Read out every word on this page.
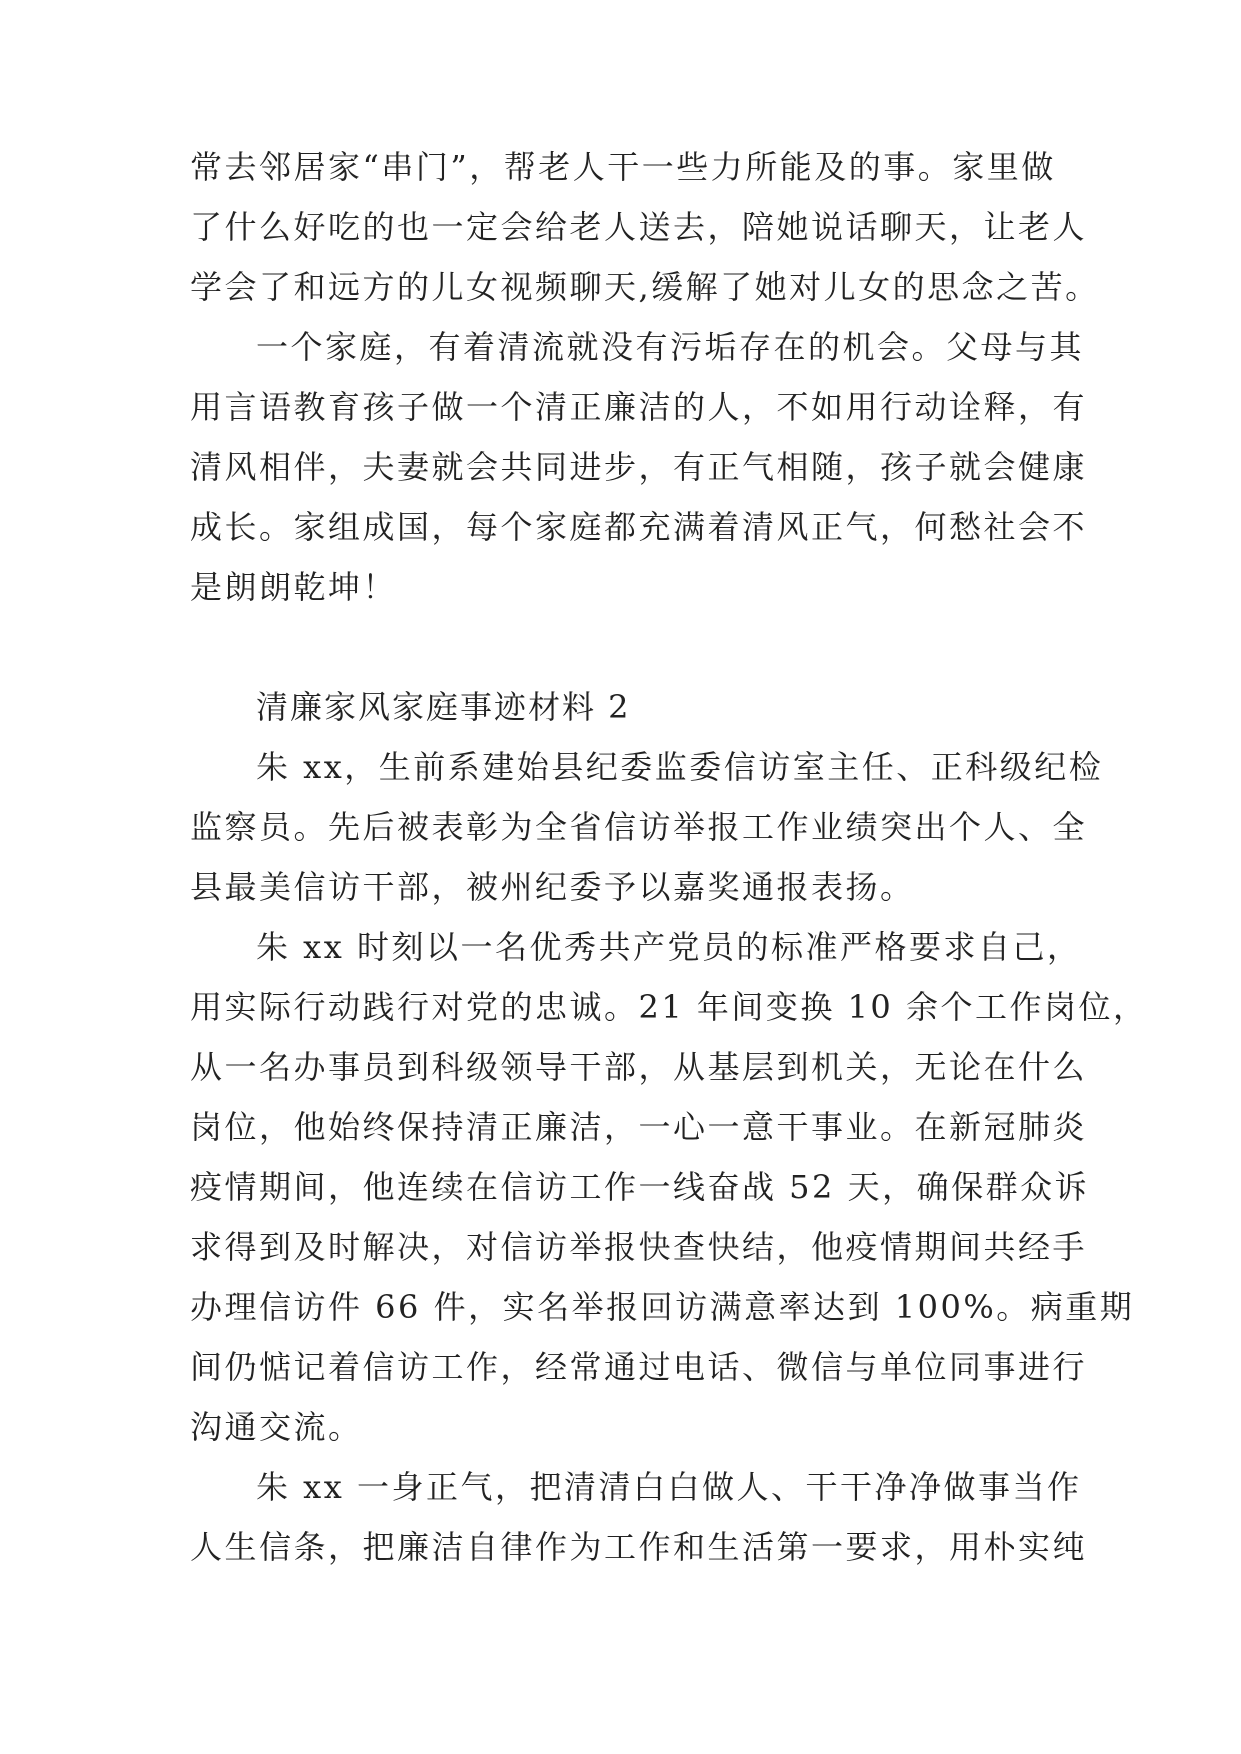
常去邻居家“串门”，帮老人干一些力所能及的事。家里做

了什么好吃的也一定会给老人送去，陪她说话聊天，让老人

学会了和远方的儿女视频聊天,缓解了她对儿女的思念之苦。

一个家庭，有着清流就没有污垢存在的机会。父母与其

用言语教育孩子做一个清正廉洁的人，不如用行动诠释，有

清风相伴，夫妻就会共同进步，有正气相随，孩子就会健康

成长。家组成国，每个家庭都充满着清风正气，何愁社会不

是朗朗乾坤！

清廉家风家庭事迹材料 2

朱 xx，生前系建始县纪委监委信访室主任、正科级纪检

监察员。先后被表彰为全省信访举报工作业绩突出个人、全

县最美信访干部，被州纪委予以嘉奖通报表扬。

朱 xx 时刻以一名优秀共产党员的标准严格要求自己，

用实际行动践行对党的忠诚。21 年间变换 10 余个工作岗位，

从一名办事员到科级领导干部，从基层到机关，无论在什么

岗位，他始终保持清正廉洁，一心一意干事业。在新冠肺炎

疫情期间，他连续在信访工作一线奋战 52 天，确保群众诉

求得到及时解决，对信访举报快查快结，他疫情期间共经手

办理信访件 66 件，实名举报回访满意率达到 100%。病重期

间仍惦记着信访工作，经常通过电话、微信与单位同事进行

沟通交流。

朱 xx 一身正气，把清清白白做人、干干净净做事当作

人生信条，把廉洁自律作为工作和生活第一要求，用朴实纯
